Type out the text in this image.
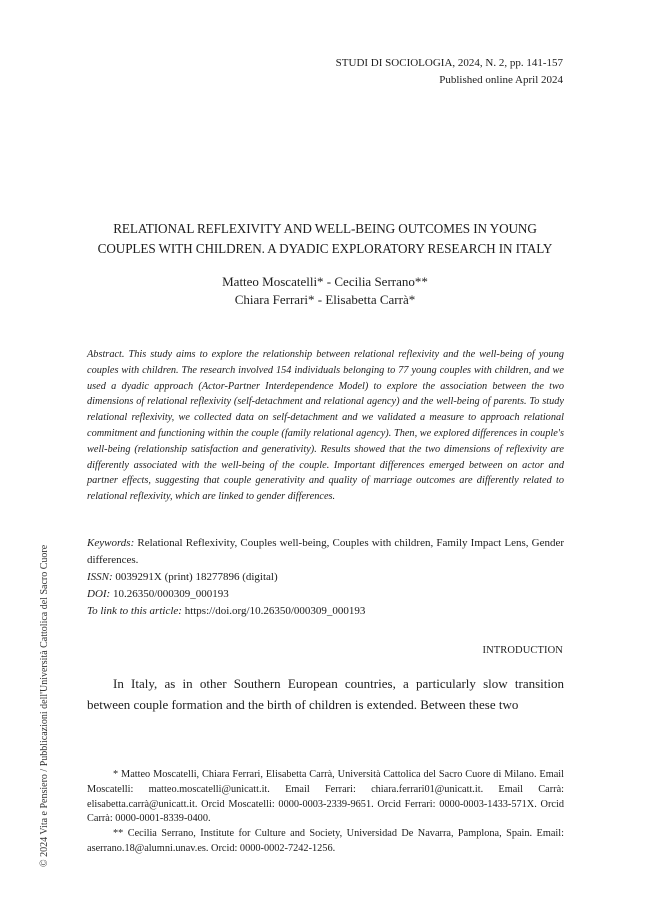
STUDI DI SOCIOLOGIA, 2024, N. 2, pp. 141-157
Published online April 2024
RELATIONAL REFLEXIVITY AND WELL-BEING OUTCOMES IN YOUNG COUPLES WITH CHILDREN. A DYADIC EXPLORATORY RESEARCH IN ITALY
Matteo Moscatelli* - Cecilia Serrano**
Chiara Ferrari* - Elisabetta Carrà*
Abstract. This study aims to explore the relationship between relational reflexivity and the well-being of young couples with children. The research involved 154 individuals belonging to 77 young couples with children, and we used a dyadic approach (Actor-Partner Interdependence Model) to explore the association between the two dimensions of relational reflexivity (self-detachment and relational agency) and the well-being of parents. To study relational reflexivity, we collected data on self-detachment and we validated a measure to approach relational commitment and functioning within the couple (family relational agency). Then, we explored differences in couple's well-being (relationship satisfaction and generativity). Results showed that the two dimensions of reflexivity are differently associated with the well-being of the couple. Important differences emerged between on actor and partner effects, suggesting that couple generativity and quality of marriage outcomes are differently related to relational reflexivity, which are linked to gender differences.

Keywords: Relational Reflexivity, Couples well-being, Couples with children, Family Impact Lens, Gender differences.

ISSN: 0039291X (print) 18277896 (digital)

DOI: 10.26350/000309_000193

To link to this article: https://doi.org/10.26350/000309_000193

INTRODUCTION

In Italy, as in other Southern European countries, a particularly slow transition between couple formation and the birth of children is extended. Between these two

* Matteo Moscatelli, Chiara Ferrari, Elisabetta Carrà, Università Cattolica del Sacro Cuore di Milano. Email Moscatelli: matteo.moscatelli@unicatt.it. Email Ferrari: chiara.ferrari01@unicatt.it. Email Carrà: elisabetta.carrà@unicatt.it. Orcid Moscatelli: 0000-0003-2339-9651. Orcid Ferrari: 0000-0003-1433-571X. Orcid Carrà: 0000-0001-8339-0400.

** Cecilia Serrano, Institute for Culture and Society, Universidad De Navarra, Pamplona, Spain. Email: aserrano.18@alumni.unav.es. Orcid: 0000-0002-7242-1256.

© 2024 Vita e Pensiero / Pubblicazioni dell'Università Cattolica del Sacro Cuore
